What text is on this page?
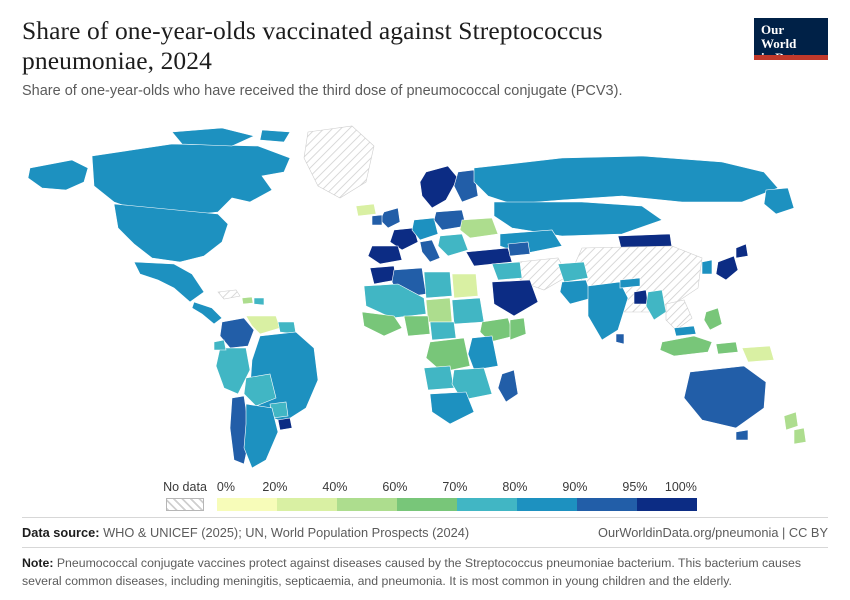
Share of one-year-olds vaccinated against Streptococcus pneumoniae, 2024

Share of one-year-olds who have received the third dose of pneumococcal conjugate (PCV3).

Our World
No data 0%	20%	40%	60%	70%	80%	90%	95%	100%
Data source: WHO & UNICEF (2025); UN, World Population Prospects (2024)	OurWorldinData.org/pneumonia | CC BY
Note: Pneumococcal conjugate vaccines protect against diseases caused by the Streptococcus pneumoniae bacterium. This bacterium causes several common diseases, including meningitis, septicaemia, and pneumonia. It is most common in young children and the elderly.
